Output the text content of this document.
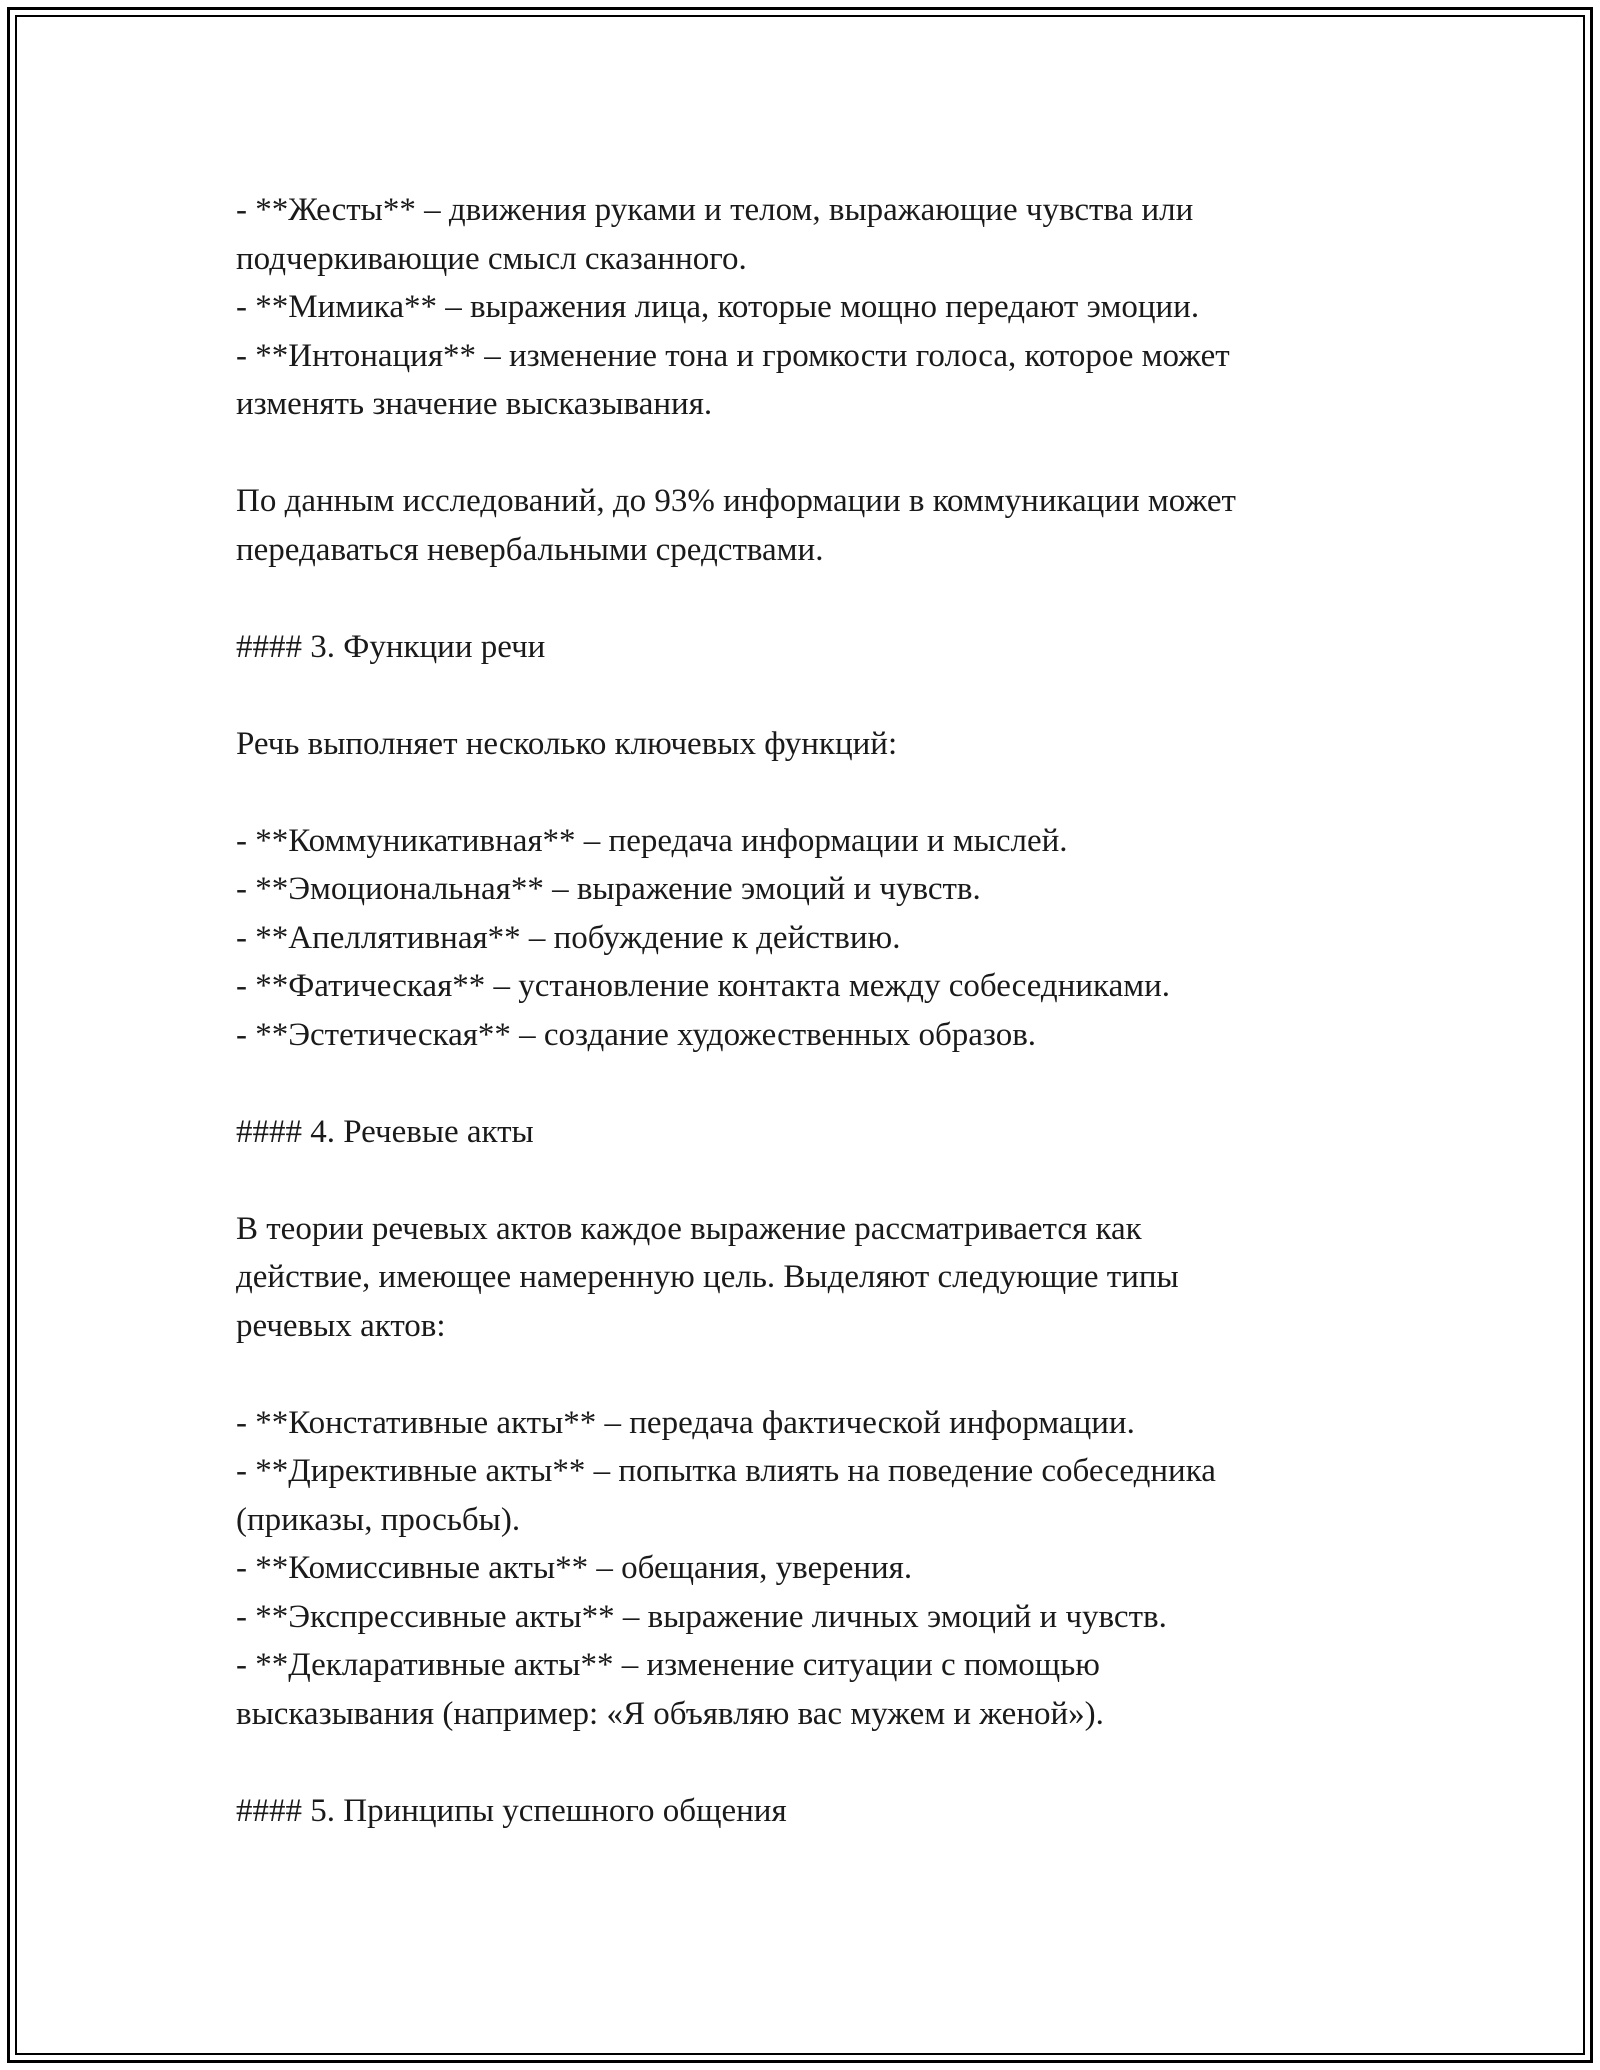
- **Жесты** – движения руками и телом, выражающие чувства или
подчеркивающие смысл сказанного.
- **Мимика** – выражения лица, которые мощно передают эмоции.
- **Интонация** – изменение тона и громкости голоса, которое может
изменять значение высказывания.
По данным исследований, до 93% информации в коммуникации может
передаваться невербальными средствами.
#### 3. Функции речи
Речь выполняет несколько ключевых функций:
- **Коммуникативная** – передача информации и мыслей.
- **Эмоциональная** – выражение эмоций и чувств.
- **Апеллятивная** – побуждение к действию.
- **Фатическая** – установление контакта между собеседниками.
- **Эстетическая** – создание художественных образов.
#### 4. Речевые акты
В теории речевых актов каждое выражение рассматривается как
действие, имеющее намеренную цель. Выделяют следующие типы
речевых актов:
- **Констативные акты** – передача фактической информации.
- **Директивные акты** – попытка влиять на поведение собеседника
(приказы, просьбы).
- **Комиссивные акты** – обещания, уверения.
- **Экспрессивные акты** – выражение личных эмоций и чувств.
- **Декларативные акты** – изменение ситуации с помощью
высказывания (например: «Я объявляю вас мужем и женой»).
#### 5. Принципы успешного общения
